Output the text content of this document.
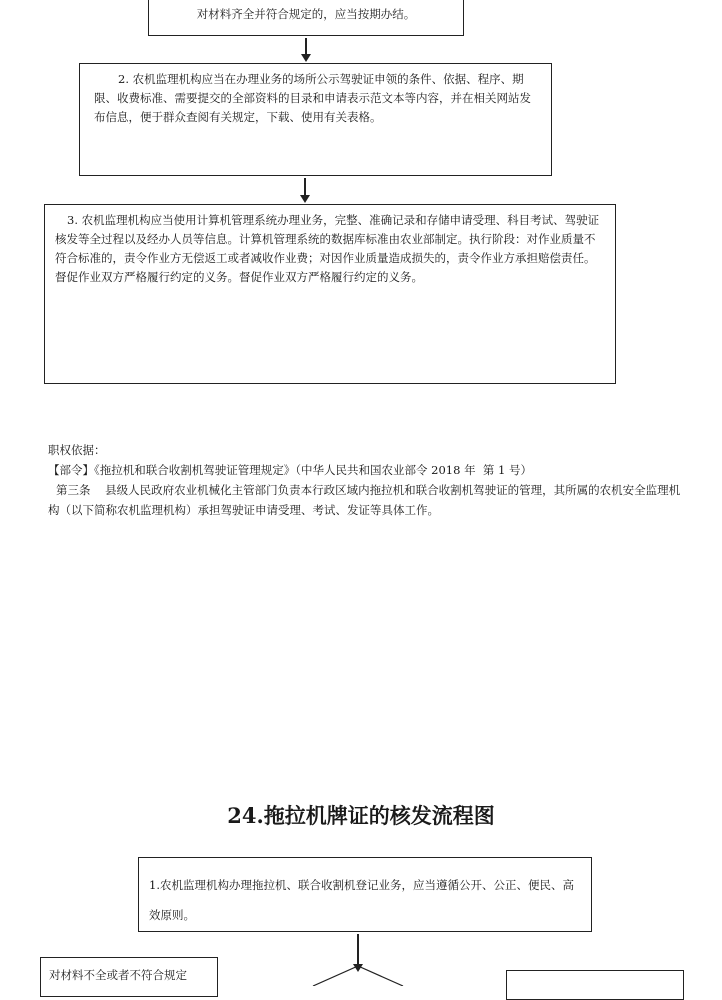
对材料齐全并符合规定的，应当按期办结。
2. 农机监理机构应当在办理业务的场所公示驾驶证申领的条件、依据、程序、期限、收费标准、需要提交的全部资料的目录和申请表示范文本等内容，并在相关网站发布信息，便于群众查阅有关规定，下载、使用有关表格。
3. 农机监理机构应当使用计算机管理系统办理业务，完整、准确记录和存储申请受理、科目考试、驾驶证核发等全过程以及经办人员等信息。计算机管理系统的数据库标准由农业部制定。执行阶段：对作业质量不符合标准的，责令作业方无偿返工或者减收作业费；对因作业质量造成损失的，责令作业方承担赔偿责任。督促作业双方严格履行约定的义务。督促作业双方严格履行约定的义务。
职权依据：
【部令】《拖拉机和联合收割机驾驶证管理规定》（中华人民共和国农业部令 2018 年  第 1 号）
第三条    县级人民政府农业机械化主管部门负责本行政区域内拖拉机和联合收割机驾驶证的管理，其所属的农机安全监理机构（以下简称农机监理机构）承担驾驶证申请受理、考试、发证等具体工作。
24.拖拉机牌证的核发流程图
1.农机监理机构办理拖拉机、联合收割机登记业务，应当遵循公开、公正、便民、高效原则。
对材料不全或者不符合规定
